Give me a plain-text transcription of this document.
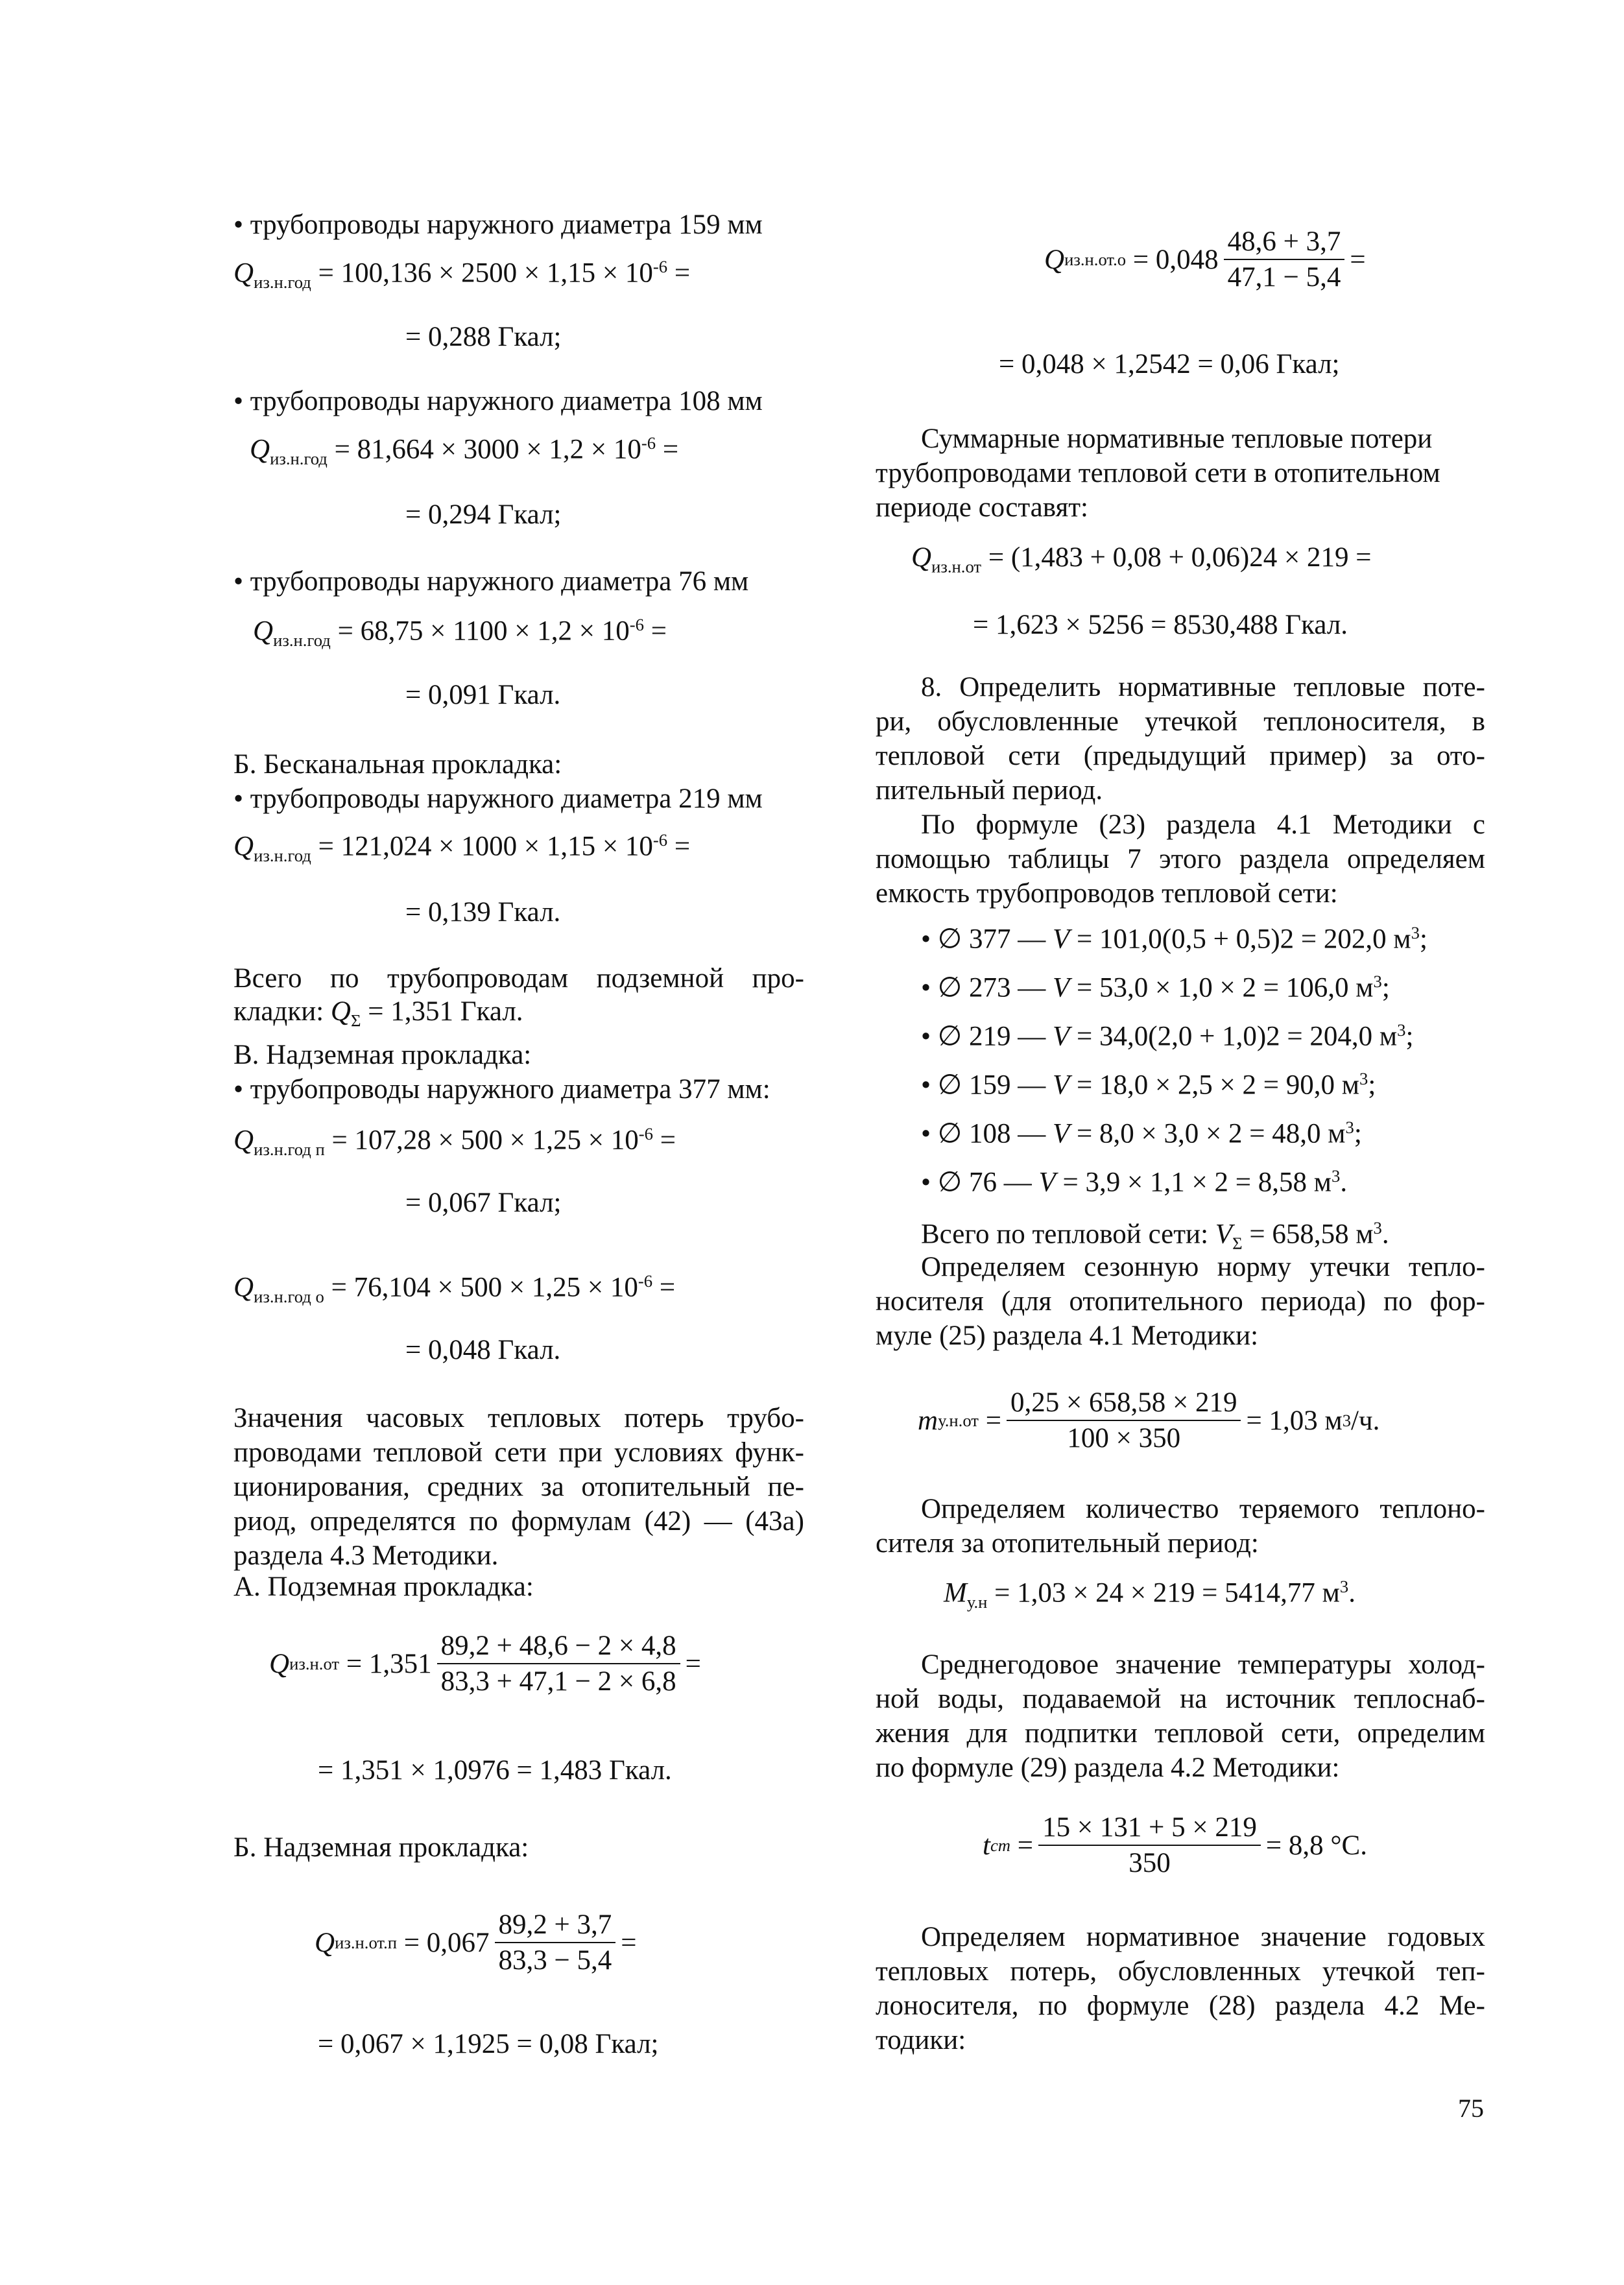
• трубопроводы наружного диаметра 159 мм
$Q_{из.н.год} = 100,136 \times 2500 \times 1,15 \times 10^{-6}$ =
= 0,288 Гкал;
• трубопроводы наружного диаметра 108 мм
$Q_{из.н.год} = 81,664 \times 3000 \times 1,2 \times 10^{-6}$ =
= 0,294 Гкал;
• трубопроводы наружного диаметра 76 мм
$Q_{из.н.год} = 68,75 \times 1100 \times 1,2 \times 10^{-6}$ =
= 0,091 Гкал.
Б. Бесканальная прокладка:
• трубопроводы наружного диаметра 219 мм
$Q_{из.н.год} = 121,024 \times 1000 \times 1,15 \times 10^{-6}$ =
= 0,139 Гкал.
Всего по трубопроводам подземной про-
кладки: $Q_\Sigma = 1,351$ Гкал.
В. Надземная прокладка:
• трубопроводы наружного диаметра 377 мм:
$Q_{из.н.год п} = 107,28 \times 500 \times 1,25 \times 10^{-6}$ =
= 0,067 Гкал;
$Q_{из.н.год о} = 76,104 \times 500 \times 1,25 \times 10^{-6}$ =
= 0,048 Гкал.
Значения часовых тепловых потерь трубо-
проводами тепловой сети при условиях функ-
ционирования, средних за отопительный пе-
риод, определятся по формулам (42) — (43а)
раздела 4.3 Методики.
А. Подземная прокладка:
Q из.н.от
= $1,351 \frac{89,2 + 48,6 - 2 \times 4,8}{83,3 + 47,1 - 2 \times 6,8}$ =
= 1,351 × 1,0976 = 1,483 Гкал.
Б. Надземная прокладка:
Q из.н.от.п
= $0,067 \frac{89,2 + 3,7}{83,3 - 5,4}$ =
= 0,067 × 1,1925 = 0,08 Гкал;
Q из.н.от.о
= $0,048 \frac{48,6 + 3,7}{47,1 - 5,4}$ =
= 0,048 × 1,2542 = 0,06 Гкал;
Суммарные нормативные тепловые потери
трубопроводами тепловой сети в отопительном
периоде составят:
$Q_{из.н.от} = (1,483 + 0,08 + 0,06)24 \times 219$ =
= 1,623 × 5256 = 8530,488 Гкал.
8. Определить нормативные тепловые поте-
ри, обусловленные утечкой теплоносителя, в
тепловой сети (предыдущий пример) за ото-
пительный период.
По формуле (23) раздела 4.1 Методики с
помощью таблицы 7 этого раздела определяем
емкость трубопроводов тепловой сети:
• ∅ 377 — V = 101,0(0,5 + 0,5)2 = 202,0 $м^3$;
• ∅ 273 — V = 53,0 × 1,0 × 2 = 106,0 $м^3$;
• ∅ 219 — V = 34,0(2,0 + 1,0)2 = 204,0 $м^3$;
• ∅ 159 — V = 18,0 × 2,5 × 2 = 90,0 $м^3$;
• ∅ 108 — V = 8,0 × 3,0 × 2 = 48,0 $м^3$;
• ∅ 76 — V = 3,9 × 1,1 × 2 = 8,58 $м^3$.
Всего по тепловой сети: $V_\Sigma = 658,58$ $м^3$.
Определяем сезонную норму утечки тепло-
носителя (для отопительного периода) по фор-
муле (25) раздела 4.1 Методики:
m $у.н.от = \frac{0,25 \times 658,58 \times 219}{100 \times 350} = 1,03$ м 3 /ч.
Определяем количество теряемого теплоно-
сителя за отопительный период:
$M_{у.н} = 1,03 \times 24 \times 219 = 5414,77$ $м^3$.
Среднегодовое значение температуры холод-
ной воды, подаваемой на источник теплоснаб-
жения для подпитки тепловой сети, определим
по формуле (29) раздела 4.2 Методики:
t ст = $\frac{15 \times 131 + 5 \times 219}{350} = 8,8$ °С.
Определяем нормативное значение годовых
тепловых потерь, обусловленных утечкой теп-
лоносителя, по формуле (28) раздела 4.2 Ме-
тодики:
75
